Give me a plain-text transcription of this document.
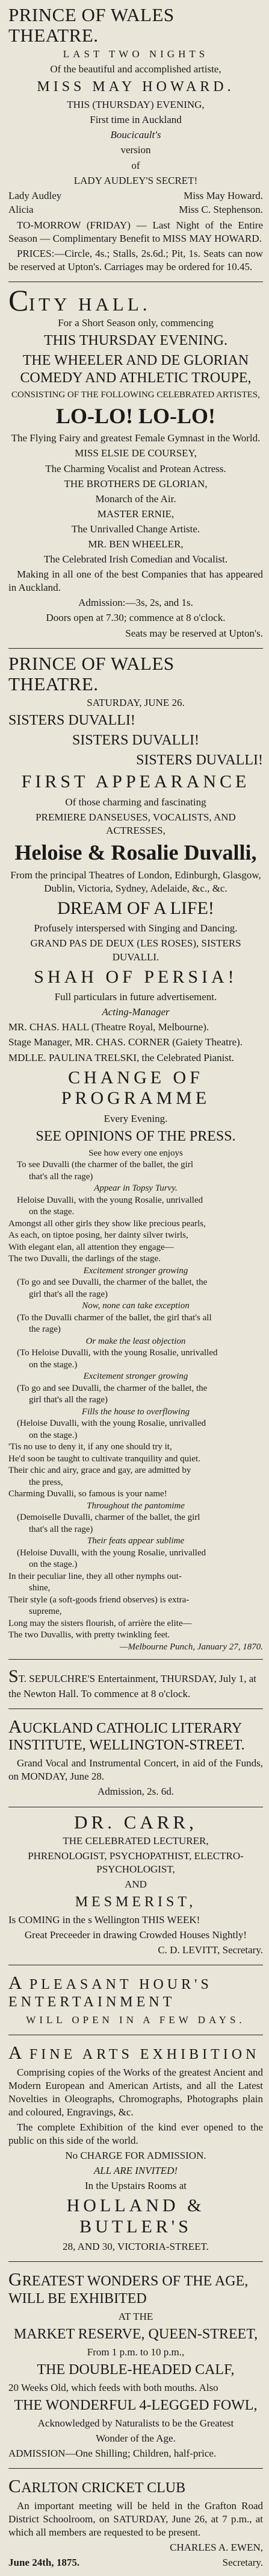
PRINCE OF WALES THEATRE.
LAST TWO NIGHTS
Of the beautiful and accomplished artiste,
MISS MAY HOWARD.
THIS (THURSDAY) EVENING,
First time in Auckland
Boucicault's
version
of
LADY AUDLEY'S SECRET!
Lady Audley	Miss May Howard.
Alicia	Miss C. Stephenson.
TO-MORROW (FRIDAY) — Last Night of the Entire Season — Complimentary Benefit to MISS MAY HOWARD.
PRICES:—Circle, 4s.; Stalls, 2s.6d.; Pit, 1s. Seats can now be reserved at Upton's. Carriages may be ordered for 10.45.
CITY HALL.
For a Short Season only, commencing
THIS THURSDAY EVENING.
THE WHEELER AND DE GLORIAN COMEDY AND ATHLETIC TROUPE,
CONSISTING OF THE FOLLOWING CELEBRATED ARTISTES,
LO-LO! LO-LO!
The Flying Fairy and greatest Female Gymnast in the World.
MISS ELSIE DE COURSEY,
The Charming Vocalist and Protean Actress.
THE BROTHERS DE GLORIAN,
Monarch of the Air.
MASTER ERNIE,
The Unrivalled Change Artiste.
MR. BEN WHEELER,
The Celebrated Irish Comedian and Vocalist.
Making in all one of the best Companies that has appeared in Auckland.
Admission:—3s, 2s, and 1s.
Doors open at 7.30; commence at 8 o'clock.
Seats may be reserved at Upton's.
PRINCE OF WALES THEATRE.
SATURDAY, JUNE 26.
SISTERS DUVALLI!
SISTERS DUVALLI!
SISTERS DUVALLI!
FIRST APPEARANCE
Of those charming and fascinating
PREMIERE DANSEUSES, VOCALISTS, AND ACTRESSES,
Heloise & Rosalie Duvalli,
From the principal Theatres of London, Edinburgh, Glasgow, Dublin, Victoria, Sydney, Adelaide, &c., &c.
DREAM OF A LIFE!
Profusely interspersed with Singing and Dancing.
GRAND PAS DE DEUX (LES ROSES), SISTERS DUVALLI.
SHAH OF PERSIA!
Full particulars in future advertisement.
Acting-Manager
MR. CHAS. HALL (Theatre Royal, Melbourne).
Stage Manager, MR. CHAS. CORNER (Gaiety Theatre).
MDLLE. PAULINA TRELSKI, the Celebrated Pianist.
CHANGE OF PROGRAMME
Every Evening.
SEE OPINIONS OF THE PRESS.
See how every one enjoys
To see Duvalli (the charmer of the ballet, the girl
that's all the rage)
Appear in Topsy Turvy.
Heloise Duvalli, with the young Rosalie, unrivalled
on the stage.
Amongst all other girls they show like precious pearls,
As each, on tiptoe posing, her dainty silver twirls,
With elegant elan, all attention they engage—
The two Duvalli, the darlings of the stage.
Excitement stronger growing
(To go and see Duvalli, the charmer of the ballet, the
girl that's all the rage)
Now, none can take exception
(To the Duvalli charmer of the ballet, the girl that's all
the rage)
Or make the least objection
(To Heloise Duvalli, with the young Rosalie, unrivalled
on the stage.)
Excitement stronger growing
(To go and see Duvalli, the charmer of the ballet, the
girl that's all the rage)
Fills the house to overflowing
(Heloise Duvalli, with the young Rosalie, unrivalled
on the stage.)
'Tis no use to deny it, if any one should try it,
He'd soon be taught to cultivate tranquility and quiet.
Their chic and airy, grace and gay, are admitted by
the press,
Charming Duvalli, so famous is your name!
Throughout the pantomime
(Demoiselle Duvalli, charmer of the ballet, the girl
that's all the rage)
Their feats appear sublime
(Heloise Duvalli, with the young Rosalie, unrivalled
on the stage.)
In their peculiar line, they all other nymphs out-
shine,
Their style (a soft-goods friend observes) is extra-
supreme,
Long may the sisters flourish, of arrière the elite—
The two Duvallis, with pretty twinkling feet.
—Melbourne Punch, January 27, 1870.
ST. SEPULCHRE'S Entertainment, THURSDAY, July 1, at the Newton Hall. To commence at 8 o'clock.
AUCKLAND CATHOLIC LITERARY INSTITUTE, WELLINGTON-STREET.
Grand Vocal and Instrumental Concert, in aid of the Funds, on MONDAY, June 28.
Admission, 2s. 6d.
DR. CARR,
THE CELEBRATED LECTURER,
PHRENOLOGIST, PSYCHOPATHIST, ELECTRO-PSYCHOLOGIST,
AND
MESMERIST,
Is COMING in the s Wellington THIS WEEK!
Great Preceeder in drawing Crowded Houses Nightly!
C. D. LEVITT, Secretary.
A PLEASANT HOUR'S ENTERTAINMENT
WILL OPEN IN A FEW DAYS.
A FINE ARTS EXHIBITION
Comprising copies of the Works of the greatest Ancient and Modern European and American Artists, and all the Latest Novelties in Oleographs, Chromographs, Photographs plain and coloured, Engravings, &c.
The complete Exhibition of the kind ever opened to the public on this side of the world.
No CHARGE FOR ADMISSION.
ALL ARE INVITED!
In the Upstairs Rooms at
HOLLAND & BUTLER'S
28, AND 30, VICTORIA-STREET.
GREATEST WONDERS OF THE AGE, WILL BE EXHIBITED
AT THE
MARKET RESERVE, QUEEN-STREET,
From 1 p.m. to 10 p.m.,
THE DOUBLE-HEADED CALF,
20 Weeks Old, which feeds with both mouths. Also
THE WONDERFUL 4-LEGGED FOWL,
Acknowledged by Naturalists to be the Greatest
Wonder of the Age.
ADMISSION—One Shilling; Children, half-price.
CARLTON CRICKET CLUB
An important meeting will be held in the Grafton Road District Schoolroom, on SATURDAY, June 26, at 7 p.m., at which all members are requested to be present.
CHARLES A. EWEN,
June 24th, 1875.	Secretary.
